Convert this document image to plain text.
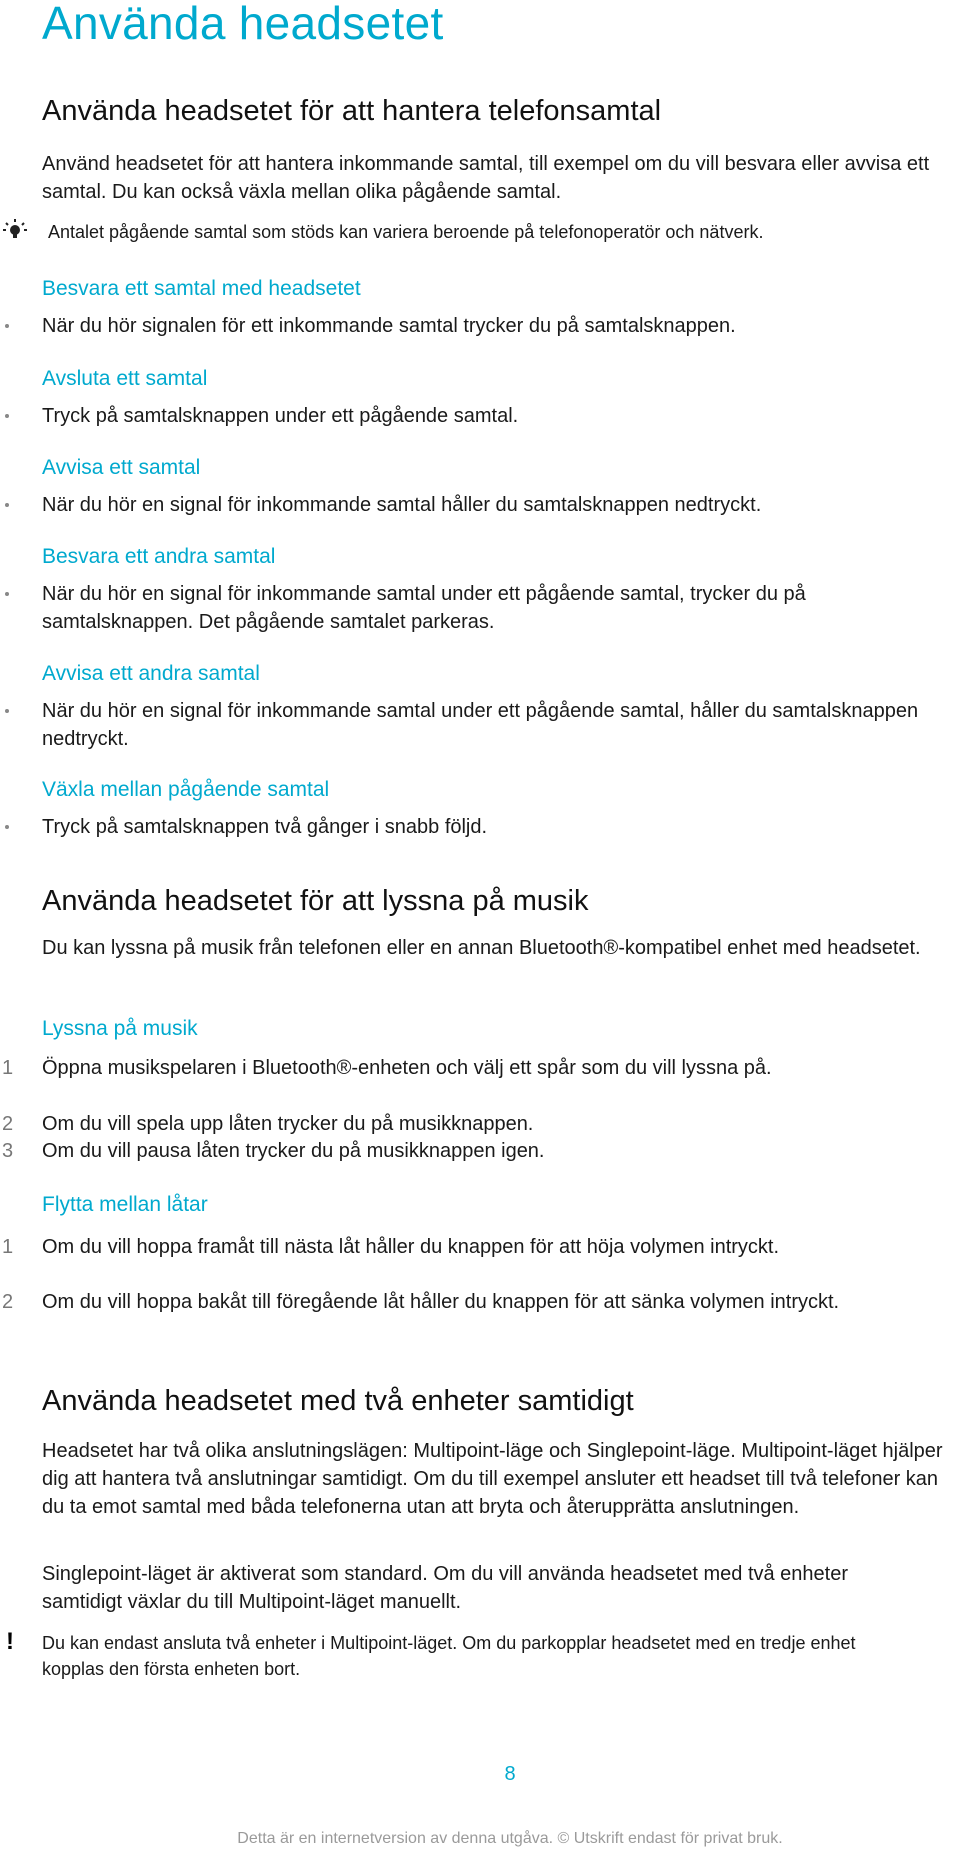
Använda headsetet
Använda headsetet för att hantera telefonsamtal

Använd headsetet för att hantera inkommande samtal, till exempel om du vill besvara eller avvisa ett samtal. Du kan också växla mellan olika pågående samtal.

Antalet pågående samtal som stöds kan variera beroende på telefonoperatör och nätverk.
Besvara ett samtal med headsetet
När du hör signalen för ett inkommande samtal trycker du på samtalsknappen.
Avsluta ett samtal
Tryck på samtalsknappen under ett pågående samtal.
Avvisa ett samtal
När du hör en signal för inkommande samtal håller du samtalsknappen nedtryckt.
Besvara ett andra samtal
När du hör en signal för inkommande samtal under ett pågående samtal, trycker du på samtalsknappen. Det pågående samtalet parkeras.
Avvisa ett andra samtal
När du hör en signal för inkommande samtal under ett pågående samtal, håller du samtalsknappen nedtryckt.
Växla mellan pågående samtal
Tryck på samtalsknappen två gånger i snabb följd.
Använda headsetet för att lyssna på musik

Du kan lyssna på musik från telefonen eller en annan Bluetooth®-kompatibel enhet med headsetet.

Lyssna på musik
1	Öppna musikspelaren i Bluetooth®-enheten och välj ett spår som du vill lyssna på.
2	Om du vill spela upp låten trycker du på musikknappen.
3	Om du vill pausa låten trycker du på musikknappen igen.
Flytta mellan låtar
1	Om du vill hoppa framåt till nästa låt håller du knappen för att höja volymen intryckt.
2	Om du vill hoppa bakåt till föregående låt håller du knappen för att sänka volymen intryckt.
Använda headsetet med två enheter samtidigt

Headsetet har två olika anslutningslägen: Multipoint-läge och Singlepoint-läge. Multipoint-läget hjälper dig att hantera två anslutningar samtidigt. Om du till exempel ansluter ett headset till två telefoner kan du ta emot samtal med båda telefonerna utan att bryta och återupprätta anslutningen.

Singlepoint-läget är aktiverat som standard. Om du vill använda headsetet med två enheter samtidigt växlar du till Multipoint-läget manuellt.

! Du kan endast ansluta två enheter i Multipoint-läget. Om du parkopplar headsetet med en tredje enhet kopplas den första enheten bort.
8
Detta är en internetversion av denna utgåva. © Utskrift endast för privat bruk.
